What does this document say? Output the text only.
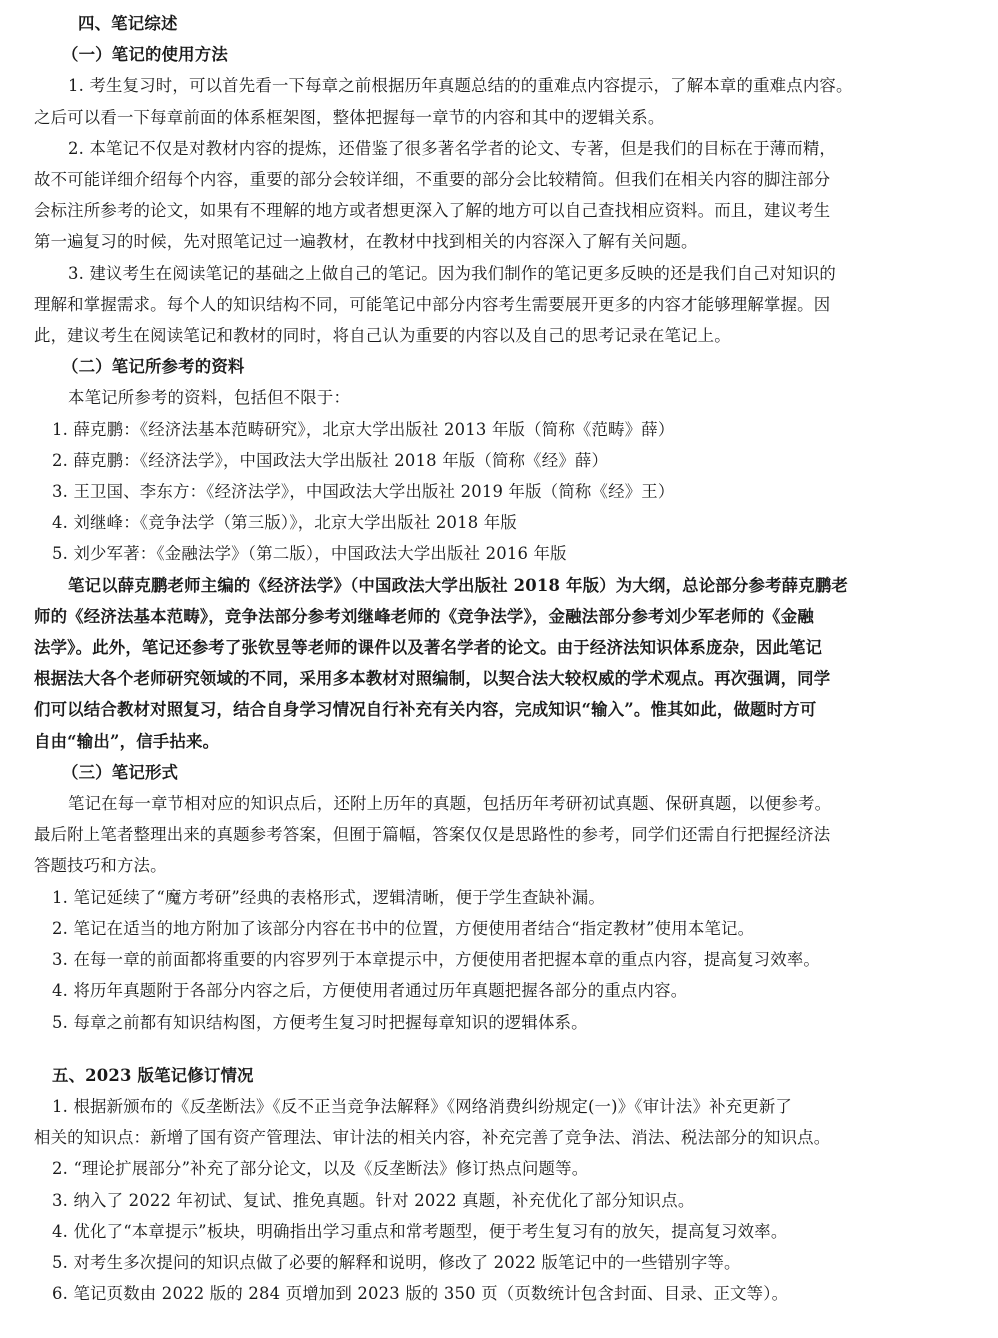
四、笔记综述
（一）笔记的使用方法
1. 考生复习时，可以首先看一下每章之前根据历年真题总结的的重难点内容提示，了解本章的重难点内容。
之后可以看一下每章前面的体系框架图，整体把握每一章节的内容和其中的逻辑关系。
2. 本笔记不仅是对教材内容的提炼，还借鉴了很多著名学者的论文、专著，但是我们的目标在于薄而精，
故不可能详细介绍每个内容，重要的部分会较详细，不重要的部分会比较精简。但我们在相关内容的脚注部分
会标注所参考的论文，如果有不理解的地方或者想更深入了解的地方可以自己查找相应资料。而且，建议考生
第一遍复习的时候，先对照笔记过一遍教材，在教材中找到相关的内容深入了解有关问题。
3. 建议考生在阅读笔记的基础之上做自己的笔记。因为我们制作的笔记更多反映的还是我们自己对知识的
理解和掌握需求。每个人的知识结构不同，可能笔记中部分内容考生需要展开更多的内容才能够理解掌握。因
此，建议考生在阅读笔记和教材的同时，将自己认为重要的内容以及自己的思考记录在笔记上。
（二）笔记所参考的资料
本笔记所参考的资料，包括但不限于：
1. 薛克鹏：《经济法基本范畴研究》，北京大学出版社 2013 年版（简称《范畴》薛）
2. 薛克鹏：《经济法学》，中国政法大学出版社 2018 年版（简称《经》薛）
3. 王卫国、李东方：《经济法学》，中国政法大学出版社 2019 年版（简称《经》王）
4. 刘继峰：《竞争法学（第三版）》，北京大学出版社 2018 年版
5. 刘少军著：《金融法学》（第二版），中国政法大学出版社 2016 年版
笔记以薛克鹏老师主编的《经济法学》（中国政法大学出版社 2018 年版）为大纲，总论部分参考薛克鹏老
师的《经济法基本范畴》，竞争法部分参考刘继峰老师的《竞争法学》，金融法部分参考刘少军老师的《金融
法学》。此外，笔记还参考了张钦昱等老师的课件以及著名学者的论文。由于经济法知识体系庞杂，因此笔记
根据法大各个老师研究领域的不同，采用多本教材对照编制，以契合法大较权威的学术观点。再次强调，同学
们可以结合教材对照复习，结合自身学习情况自行补充有关内容，完成知识“输入”。惟其如此，做题时方可
自由“输出”，信手拈来。
（三）笔记形式
笔记在每一章节相对应的知识点后，还附上历年的真题，包括历年考研初试真题、保研真题，以便参考。
最后附上笔者整理出来的真题参考答案，但囿于篇幅，答案仅仅是思路性的参考，同学们还需自行把握经济法
答题技巧和方法。
1. 笔记延续了“魔方考研”经典的表格形式，逻辑清晰，便于学生查缺补漏。
2. 笔记在适当的地方附加了该部分内容在书中的位置，方便使用者结合“指定教材”使用本笔记。
3. 在每一章的前面都将重要的内容罗列于本章提示中，方便使用者把握本章的重点内容，提高复习效率。
4. 将历年真题附于各部分内容之后，方便使用者通过历年真题把握各部分的重点内容。
5. 每章之前都有知识结构图，方便考生复习时把握每章知识的逻辑体系。
五、2023 版笔记修订情况
1. 根据新颁布的《反垄断法》《反不正当竞争法解释》《网络消费纠纷规定(一)》《审计法》补充更新了
相关的知识点：新增了国有资产管理法、审计法的相关内容，补充完善了竞争法、消法、税法部分的知识点。
2. “理论扩展部分”补充了部分论文，以及《反垄断法》修订热点问题等。
3. 纳入了 2022 年初试、复试、推免真题。针对 2022 真题，补充优化了部分知识点。
4. 优化了“本章提示”板块，明确指出学习重点和常考题型，便于考生复习有的放矢，提高复习效率。
5. 对考生多次提问的知识点做了必要的解释和说明，修改了 2022 版笔记中的一些错别字等。
6. 笔记页数由 2022 版的 284 页增加到 2023 版的 350 页（页数统计包含封面、目录、正文等）。
